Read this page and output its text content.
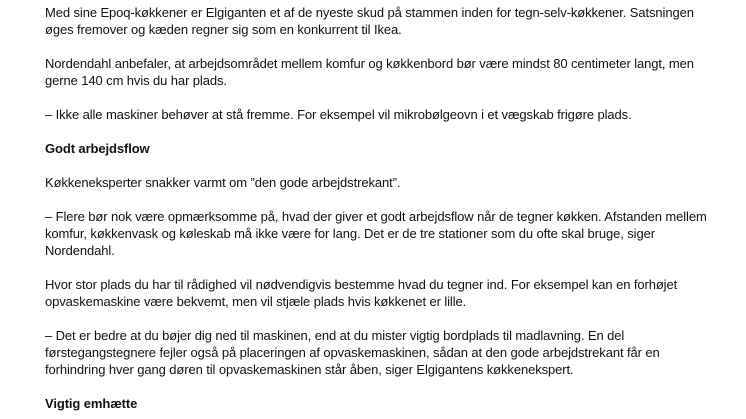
Med sine Epoq-køkkener er Elgiganten et af de nyeste skud på stammen inden for tegn-selv-køkkener. Satsningen
øges fremover og kæden regner sig som en konkurrent til Ikea.
Nordendahl anbefaler, at arbejdsområdet mellem komfur og køkkenbord bør være mindst 80 centimeter langt, men
gerne 140 cm hvis du har plads.
– Ikke alle maskiner behøver at stå fremme. For eksempel vil mikrobølgeovn i et vægskab frigøre plads.
Godt arbejdsflow
Køkkeneksperter snakker varmt om ”den gode arbejdstrekant”.
– Flere bør nok være opmærksomme på, hvad der giver et godt arbejdsflow når de tegner køkken. Afstanden mellem
komfur, køkkenvask og køleskab må ikke være for lang. Det er de tre stationer som du ofte skal bruge, siger
Nordendahl.
Hvor stor plads du har til rådighed vil nødvendigvis bestemme hvad du tegner ind. For eksempel kan en forhøjet
opvaskemaskine være bekvemt, men vil stjæle plads hvis køkkenet er lille.
– Det er bedre at du bøjer dig ned til maskinen, end at du mister vigtig bordplads til madlavning. En del
førstegangstegnere fejler også på placeringen af opvaskemaskinen, sådan at den gode arbejdstrekant får en
forhindring hver gang døren til opvaskemaskinen står åben, siger Elgigantens køkkenekspert.
Vigtig emhætte
